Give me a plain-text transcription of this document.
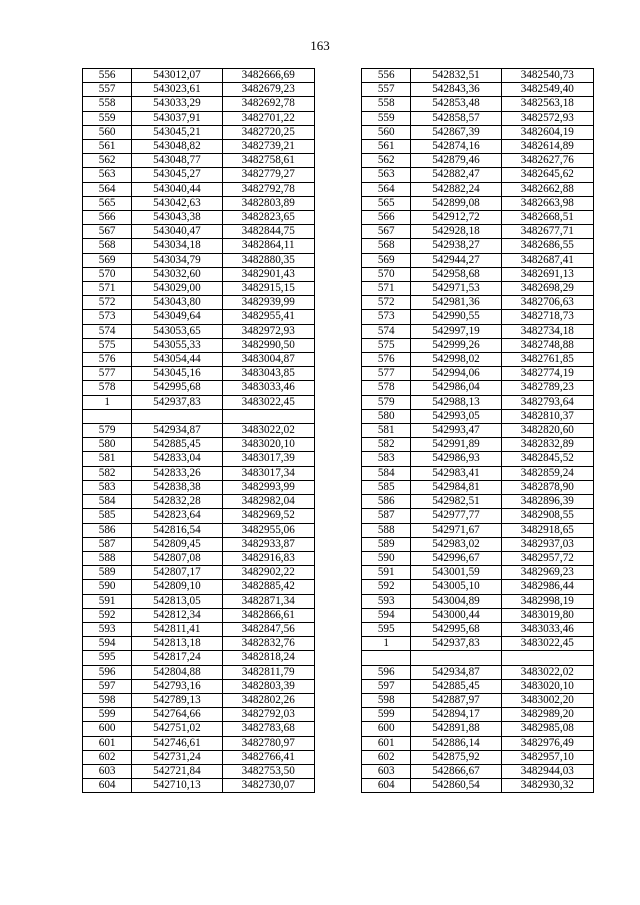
163
556	543012,07	3482666,69		556	542832,51	3482540,73
557	543023,61	3482679,23		557	542843,36	3482549,40
558	543033,29	3482692,78		558	542853,48	3482563,18
559	543037,91	3482701,22		559	542858,57	3482572,93
560	543045,21	3482720,25		560	542867,39	3482604,19
561	543048,82	3482739,21		561	542874,16	3482614,89
562	543048,77	3482758,61		562	542879,46	3482627,76
563	543045,27	3482779,27		563	542882,47	3482645,62
564	543040,44	3482792,78		564	542882,24	3482662,88
565	543042,63	3482803,89		565	542899,08	3482663,98
566	543043,38	3482823,65		566	542912,72	3482668,51
567	543040,47	3482844,75		567	542928,18	3482677,71
568	543034,18	3482864,11		568	542938,27	3482686,55
569	543034,79	3482880,35		569	542944,27	3482687,41
570	543032,60	3482901,43		570	542958,68	3482691,13
571	543029,00	3482915,15		571	542971,53	3482698,29
572	543043,80	3482939,99		572	542981,36	3482706,63
573	543049,64	3482955,41		573	542990,55	3482718,73
574	543053,65	3482972,93		574	542997,19	3482734,18
575	543055,33	3482990,50		575	542999,26	3482748,88
576	543054,44	3483004,87		576	542998,02	3482761,85
577	543045,16	3483043,85		577	542994,06	3482774,19
578	542995,68	3483033,46		578	542986,04	3482789,23
1	542937,83	3483022,45		579	542988,13	3482793,64
				580	542993,05	3482810,37
579	542934,87	3483022,02		581	542993,47	3482820,60
580	542885,45	3483020,10		582	542991,89	3482832,89
581	542833,04	3483017,39		583	542986,93	3482845,52
582	542833,26	3483017,34		584	542983,41	3482859,24
583	542838,38	3482993,99		585	542984,81	3482878,90
584	542832,28	3482982,04		586	542982,51	3482896,39
585	542823,64	3482969,52		587	542977,77	3482908,55
586	542816,54	3482955,06		588	542971,67	3482918,65
587	542809,45	3482933,87		589	542983,02	3482937,03
588	542807,08	3482916,83		590	542996,67	3482957,72
589	542807,17	3482902,22		591	543001,59	3482969,23
590	542809,10	3482885,42		592	543005,10	3482986,44
591	542813,05	3482871,34		593	543004,89	3482998,19
592	542812,34	3482866,61		594	543000,44	3483019,80
593	542811,41	3482847,56		595	542995,68	3483033,46
594	542813,18	3482832,76		1	542937,83	3483022,45
595	542817,24	3482818,24				
596	542804,88	3482811,79		596	542934,87	3483022,02
597	542793,16	3482803,39		597	542885,45	3483020,10
598	542789,13	3482802,26		598	542887,97	3483002,20
599	542764,66	3482792,03		599	542894,17	3482989,20
600	542751,02	3482783,68		600	542891,88	3482985,08
601	542746,61	3482780,97		601	542886,14	3482976,49
602	542731,24	3482766,41		602	542875,92	3482957,10
603	542721,84	3482753,50		603	542866,67	3482944,03
604	542710,13	3482730,07		604	542860,54	3482930,32
